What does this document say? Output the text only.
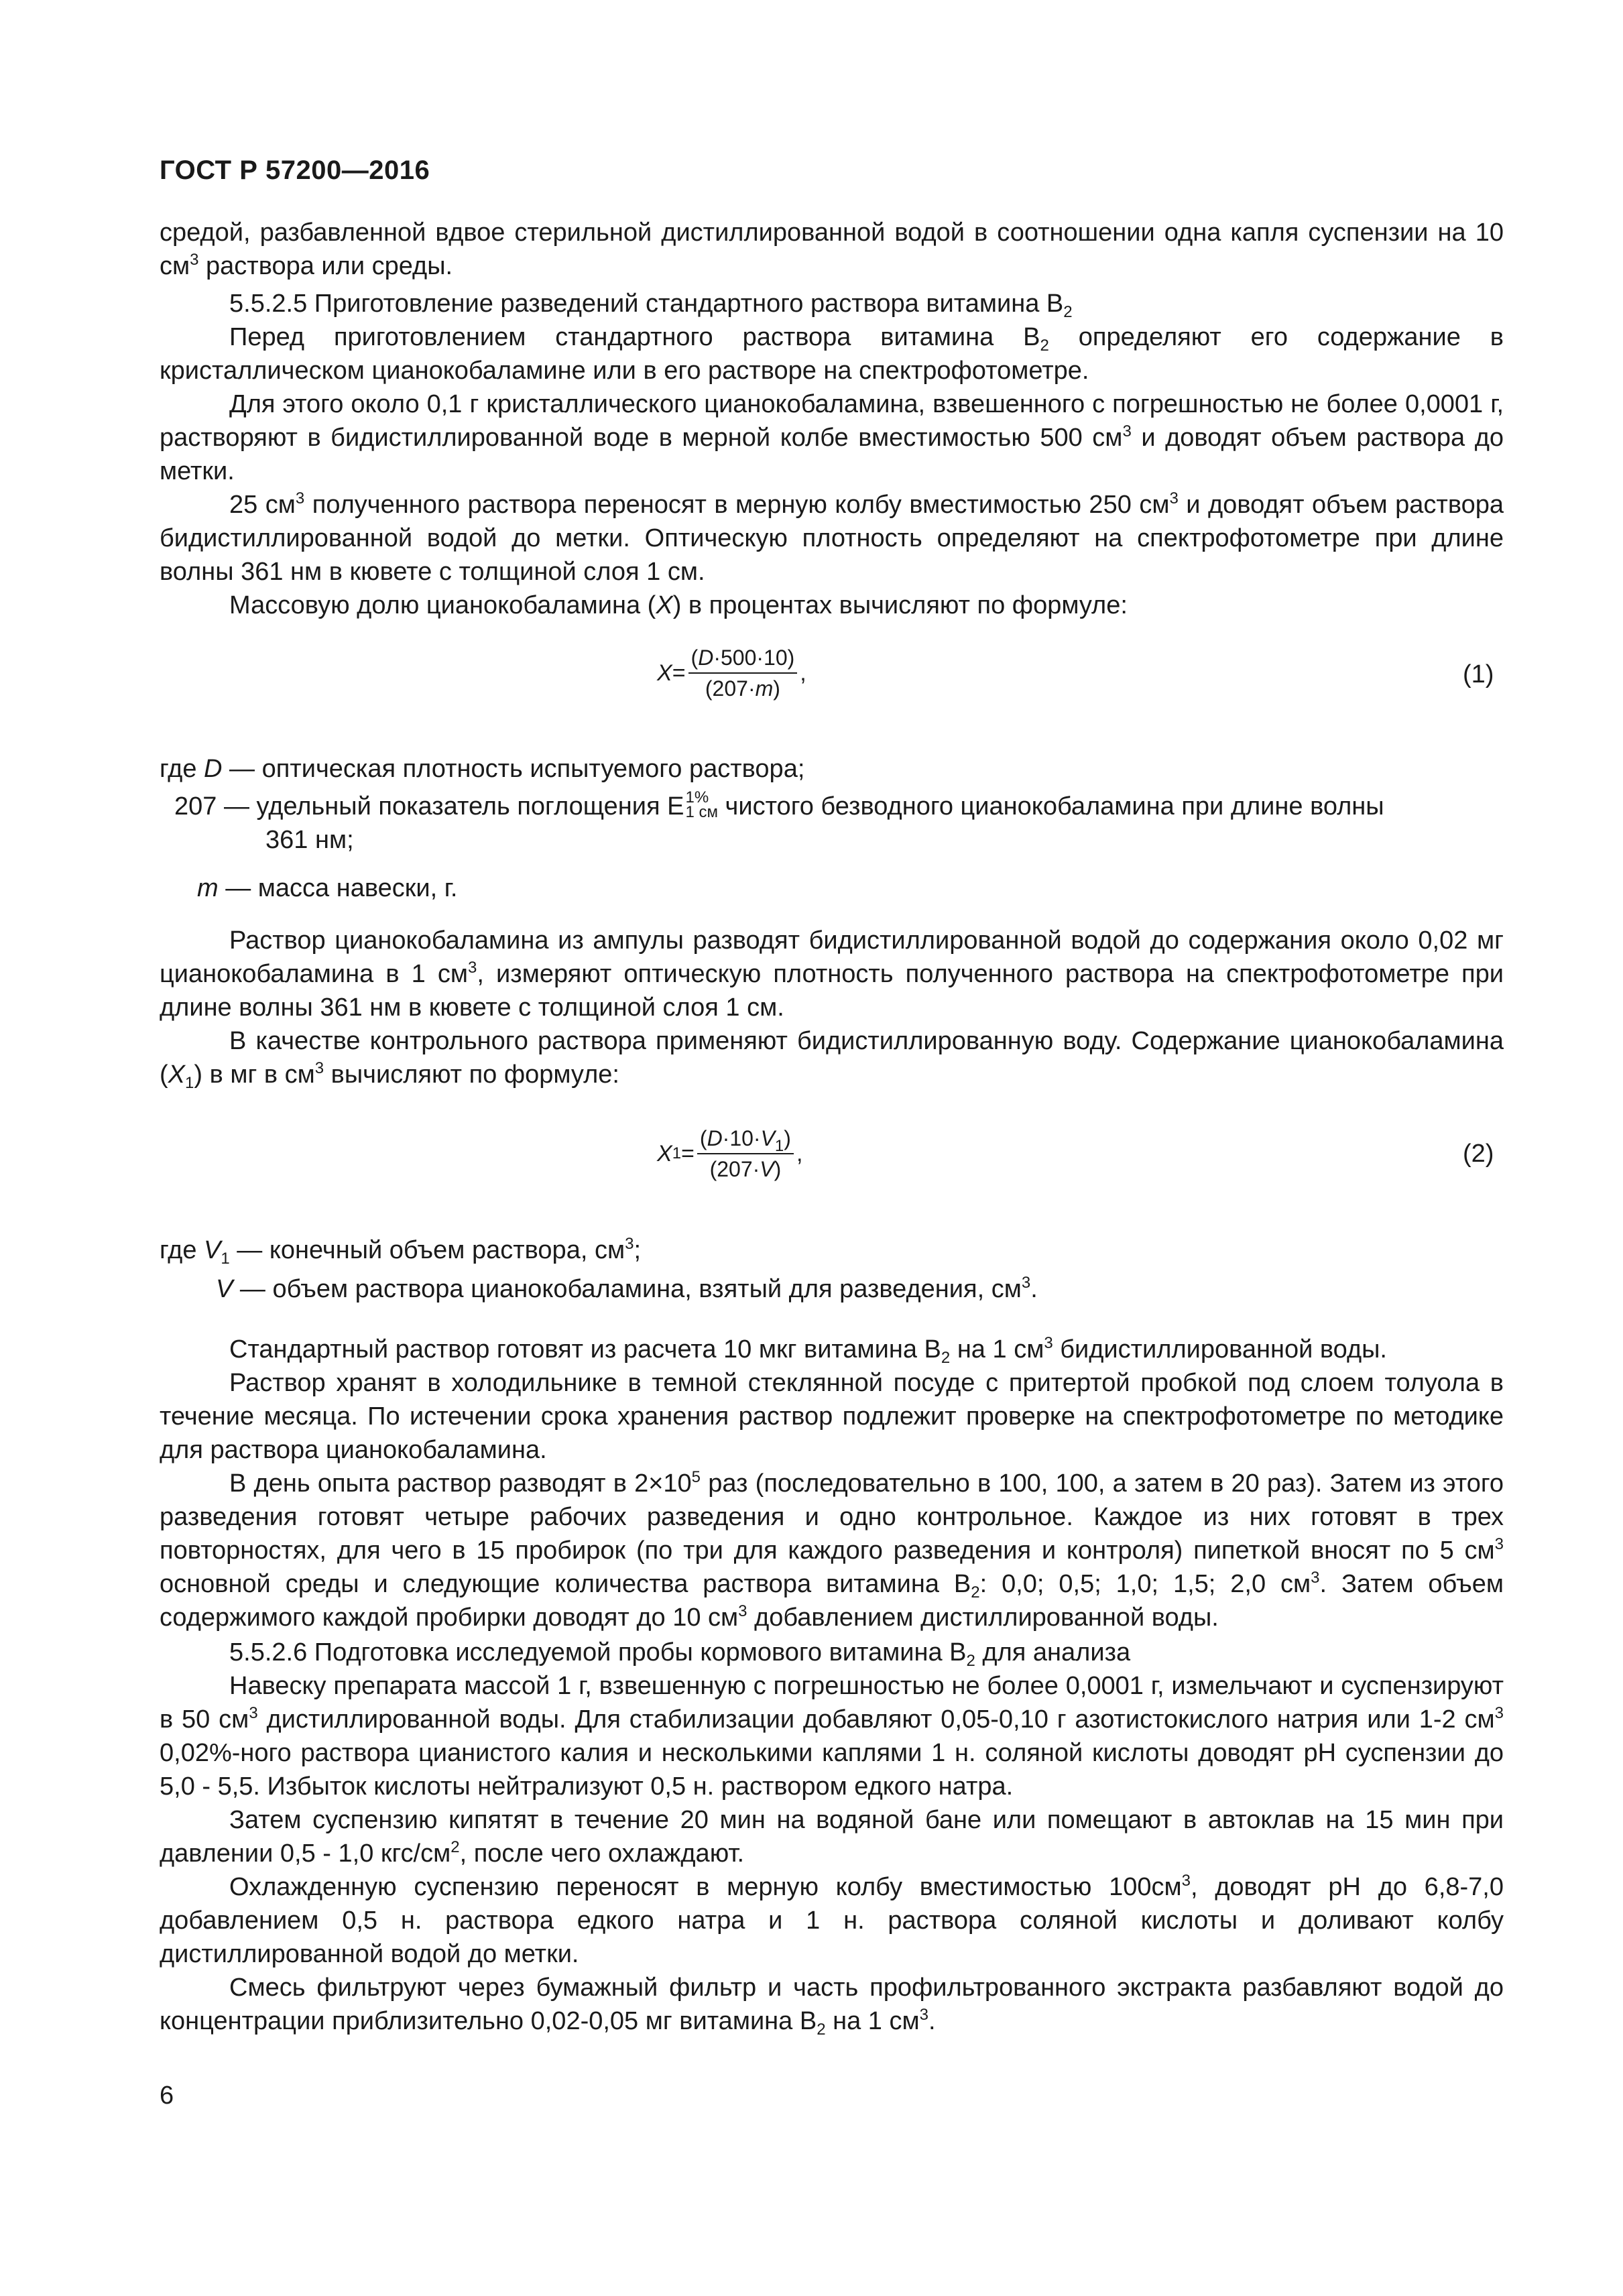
ГОСТ Р 57200—2016

средой, разбавленной вдвое стерильной дистиллированной водой в соотношении одна капля суспензии на 10 $см^3$ раствора или среды.

5.5.2.5 Приготовление разведений стандартного раствора витамина $В_2$

Перед приготовлением стандартного раствора витамина $В_2$ определяют его содержание в кристаллическом цианокобаламине или в его растворе на спектрофотометре.

Для этого около 0,1 г кристаллического цианокобаламина, взвешенного с погрешностью не более 0,0001 г, растворяют в бидистиллированной воде в мерной колбе вместимостью 500 $см^3$ и доводят объем раствора до метки.

25 $см^3$ полученного раствора переносят в мерную колбу вместимостью 250 $см^3$ и доводят объем раствора бидистиллированной водой до метки. Оптическую плотность определяют на спектрофотометре при длине волны 361 нм в кювете с толщиной слоя 1 см.

Массовую долю цианокобаламина (X) в процентах вычисляют по формуле:

$X = \frac{(D\cdot 500\cdot 10)}{(207\cdot m)}$ ,	(1)
где D — оптическая плотность испытуемого раствора;
207 — удельный показатель поглощения Е 1%
1 см чистого безводного цианокобаламина при длине волны
361 нм;
m — масса навески, г.

Раствор цианокобаламина из ампулы разводят бидистиллированной водой до содержания около 0,02 мг цианокобаламина в 1 $см^3$, измеряют оптическую плотность полученного раствора на спектрофотометре при длине волны 361 нм в кювете с толщиной слоя 1 см.

В качестве контрольного раствора применяют бидистиллированную воду. Содержание цианокобаламина $(X_1)$ в мг в $см^3$ вычисляют по формуле:

X $1 = \frac{(D\cdot 10\cdot V_1)}{(207\cdot V)}$ ,	(2)
где $V_1$ — конечный объем раствора, $см^3$;
V — объем раствора цианокобаламина, взятый для разведения, $см^3$.

Стандартный раствор готовят из расчета 10 мкг витамина $В_2$ на 1 $см^3$ бидистиллированной воды.

Раствор хранят в холодильнике в темной стеклянной посуде с притертой пробкой под слоем толуола в течение месяца. По истечении срока хранения раствор подлежит проверке на спектрофотометре по методике для раствора цианокобаламина.

В день опыта раствор разводят в $2\times 10^5$ раз (последовательно в 100, 100, а затем в 20 раз). Затем из этого разведения готовят четыре рабочих разведения и одно контрольное. Каждое из них готовят в трех повторностях, для чего в 15 пробирок (по три для каждого разведения и контроля) пипеткой вносят по 5 $см^3$ основной среды и следующие количества раствора витамина $В_2$: 0,0; 0,5; 1,0; 1,5; 2,0 $см^3$. Затем объем содержимого каждой пробирки доводят до 10 $см^3$ добавлением дистиллированной воды.

5.5.2.6 Подготовка исследуемой пробы кормового витамина $В_2$ для анализа

Навеску препарата массой 1 г, взвешенную с погрешностью не более 0,0001 г, измельчают и суспензируют в 50 $см^3$ дистиллированной воды. Для стабилизации добавляют 0,05-0,10 г азотистокислого натрия или 1-2 $см^3$ 0,02%-ного раствора цианистого калия и несколькими каплями 1 н. соляной кислоты доводят рН суспензии до 5,0 - 5,5. Избыток кислоты нейтрализуют 0,5 н. раствором едкого натра.

Затем суспензию кипятят в течение 20 мин на водяной бане или помещают в автоклав на 15 мин при давлении 0,5 - 1,0 кгс/$см^2$, после чего охлаждают.

Охлажденную суспензию переносят в мерную колбу вместимостью $100см^3$, доводят рН до 6,8-7,0 добавлением 0,5 н. раствора едкого натра и 1 н. раствора соляной кислоты и доливают колбу дистиллированной водой до метки.

Смесь фильтруют через бумажный фильтр и часть профильтрованного экстракта разбавляют водой до концентрации приблизительно 0,02-0,05 мг витамина $В_2$ на 1 $см^3$.

6
